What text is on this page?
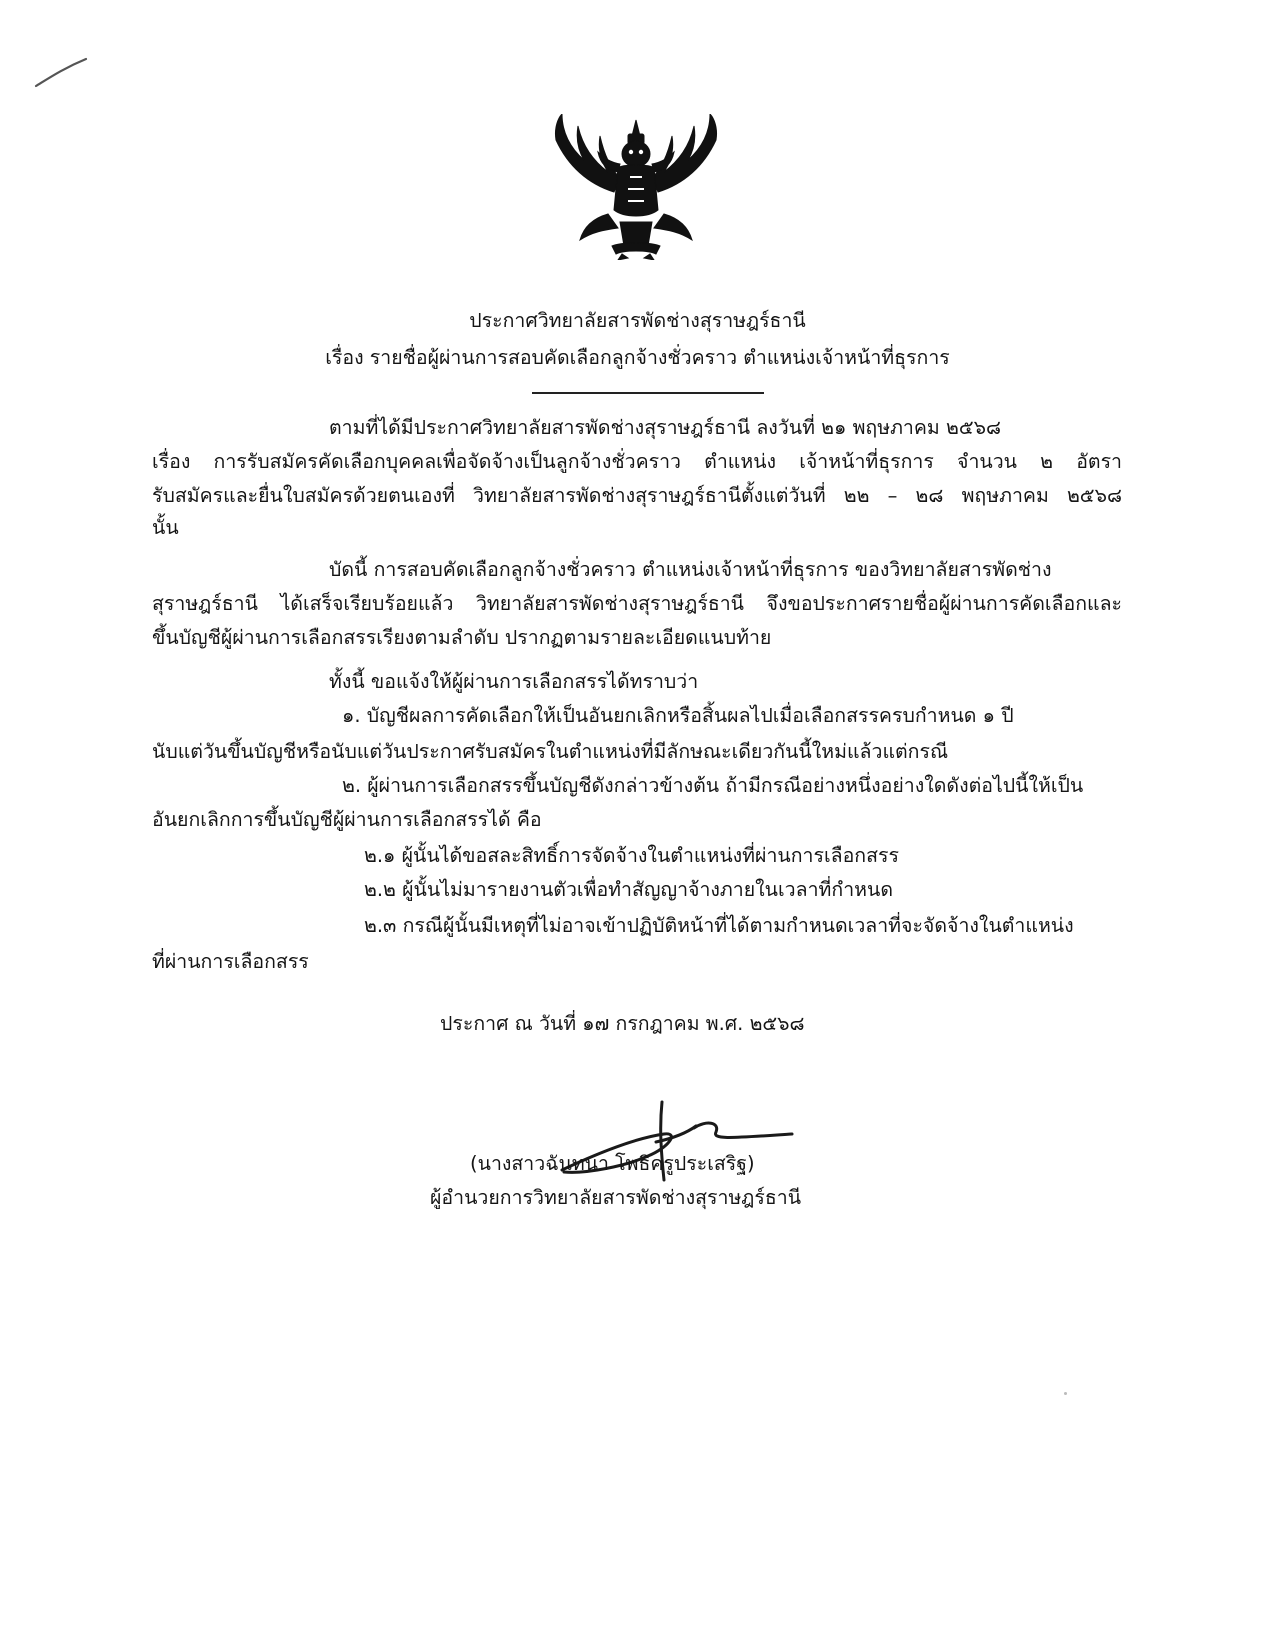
ประกาศวิทยาลัยสารพัดช่างสุราษฎร์ธานี
เรื่อง รายชื่อผู้ผ่านการสอบคัดเลือกลูกจ้างชั่วคราว ตำแหน่งเจ้าหน้าที่ธุรการ
ตามที่ได้มีประกาศวิทยาลัยสารพัดช่างสุราษฎร์ธานี ลงวันที่ ๒๑ พฤษภาคม ๒๕๖๘
เรื่อง การรับสมัครคัดเลือกบุคคลเพื่อจัดจ้างเป็นลูกจ้างชั่วคราว ตำแหน่ง เจ้าหน้าที่ธุรการ จำนวน ๒ อัตรา
รับสมัครและยื่นใบสมัครด้วยตนเองที่ วิทยาลัยสารพัดช่างสุราษฎร์ธานีตั้งแต่วันที่ ๒๒ – ๒๘ พฤษภาคม ๒๕๖๘
นั้น
บัดนี้ การสอบคัดเลือกลูกจ้างชั่วคราว ตำแหน่งเจ้าหน้าที่ธุรการ ของวิทยาลัยสารพัดช่าง
สุราษฎร์ธานี ได้เสร็จเรียบร้อยแล้ว วิทยาลัยสารพัดช่างสุราษฎร์ธานี จึงขอประกาศรายชื่อผู้ผ่านการคัดเลือกและ
ขึ้นบัญชีผู้ผ่านการเลือกสรรเรียงตามลำดับ ปรากฏตามรายละเอียดแนบท้าย
ทั้งนี้ ขอแจ้งให้ผู้ผ่านการเลือกสรรได้ทราบว่า
๑. บัญชีผลการคัดเลือกให้เป็นอันยกเลิกหรือสิ้นผลไปเมื่อเลือกสรรครบกำหนด ๑ ปี
นับแต่วันขึ้นบัญชีหรือนับแต่วันประกาศรับสมัครในตำแหน่งที่มีลักษณะเดียวกันนี้ใหม่แล้วแต่กรณี
๒. ผู้ผ่านการเลือกสรรขึ้นบัญชีดังกล่าวข้างต้น ถ้ามีกรณีอย่างหนึ่งอย่างใดดังต่อไปนี้ให้เป็น
อันยกเลิกการขึ้นบัญชีผู้ผ่านการเลือกสรรได้ คือ
๒.๑ ผู้นั้นได้ขอสละสิทธิ์การจัดจ้างในตำแหน่งที่ผ่านการเลือกสรร
๒.๒ ผู้นั้นไม่มารายงานตัวเพื่อทำสัญญาจ้างภายในเวลาที่กำหนด
๒.๓ กรณีผู้นั้นมีเหตุที่ไม่อาจเข้าปฏิบัติหน้าที่ได้ตามกำหนดเวลาที่จะจัดจ้างในตำแหน่ง
ที่ผ่านการเลือกสรร
ประกาศ ณ วันที่ ๑๗ กรกฎาคม พ.ศ. ๒๕๖๘
(นางสาวฉันทนา โพธิครูประเสริฐ)
ผู้อำนวยการวิทยาลัยสารพัดช่างสุราษฎร์ธานี
